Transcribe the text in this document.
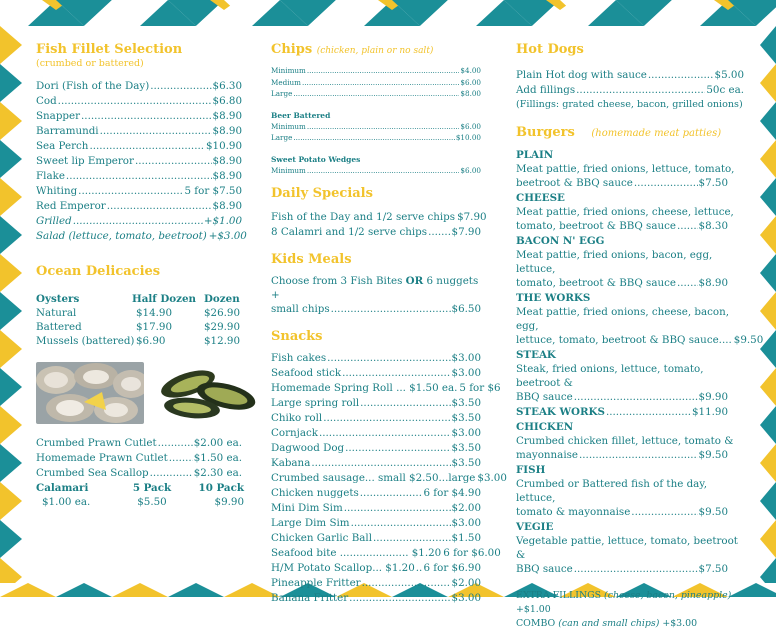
Fish Fillet Selection
(crumbed or battered)
Dori (Fish of the Day) .....	$6.30
Cod .....	$6.80
Snapper .....	$8.90
Barramundi .....	$8.90
Sea Perch .....	$10.90
Sweet lip Emperor .....	$8.90
Flake .....	$8.90
Whiting .....	5 for $7.50
Red Emperor .....	$8.90
Grilled .....	+$1.00
Salad (lettuce, tomato, beetroot) +$3.00
Ocean Delicacies
Oysters	Half Dozen Dozen
Natural	$14.90	$26.90
Battered	$17.90	$29.90
Mussels (battered) $6.90	$12.90
Crumbed Prawn Cutlet .....	$2.00 ea.
Homemade Prawn Cutlet .....	$1.50 ea.
Crumbed Sea Scallop .....	$2.30 ea.
Calamari	5 Pack	10 Pack
$1.00 ea.	$5.50	$9.90
Chips (chicken, plain or no salt)
Minimum .....	$4.00
Medium .....	$6.00
Large .....	$8.00
Beer Battered
Minimum .....	$6.00
Large .....	$10.00
Sweet Potato Wedges
Minimum .....	$6.00
Daily Specials
Fish of the Day and 1/2 serve chips $7.90
8 Calamri and 1/2 serve chips ..... $7.90
Kids Meals
Choose from 3 Fish Bites OR 6 nuggets +
small chips .....	$6.50
Snacks
Fish cakes .....	$3.00
Seafood stick .....	$3.00
Homemade Spring Roll ... $1.50 ea. 5 for $6
Large spring roll .....	$3.50
Chiko roll .....	$3.50
Cornjack .....	$3.00
Dagwood Dog .....	$3.50
Kabana .....	$3.50
Crumbed sausage... small $2.50...large $3.00
Chicken nuggets .....	6 for $4.90
Mini Dim Sim .....	$2.00
Large Dim Sim .....	$3.00
Chicken Garlic Ball .....	$1.50
Seafood bite ..................... $1.20 6 for $6.00
H/M Potato Scallop... $1.20 ..... 6 for $6.90
Pineapple Fritter .....	$2.00
Banana Fritter .....	$3.00
Hot Dogs
Plain Hot dog with sauce .....	$5.00
Add fillings .....	50c ea.
(Fillings: grated cheese, bacon, grilled onions)
Burgers (homemade meat patties)
PLAIN
Meat pattie, fried onions, lettuce, tomato,
beetroot & BBQ sauce .....	$7.50
CHEESE
Meat pattie, fried onions, cheese, lettuce,
tomato, beetroot & BBQ sauce ..... $8.30
BACON N' EGG
Meat pattie, fried onions, bacon, egg, lettuce,
tomato, beetroot & BBQ sauce ..... $8.90
THE WORKS
Meat pattie, fried onions, cheese, bacon, egg,
lettuce, tomato, beetroot & BBQ sauce.... $9.50
STEAK
Steak, fried onions, lettuce, tomato, beetroot &
BBQ sauce .....	$9.90
STEAK WORKS .....	$11.90
CHICKEN
Crumbed chicken fillet, lettuce, tomato &
mayonnaise .....	$9.50
FISH
Crumbed or Battered fish of the day, lettuce,
tomato & mayonnaise .....	$9.50
VEGIE
Vegetable pattie, lettuce, tomato, beetroot &
BBQ sauce .....	$7.50
EXTRA FILLINGS (cheese, bacon, pineapple) +$1.00
COMBO (can and small chips) +$3.00
